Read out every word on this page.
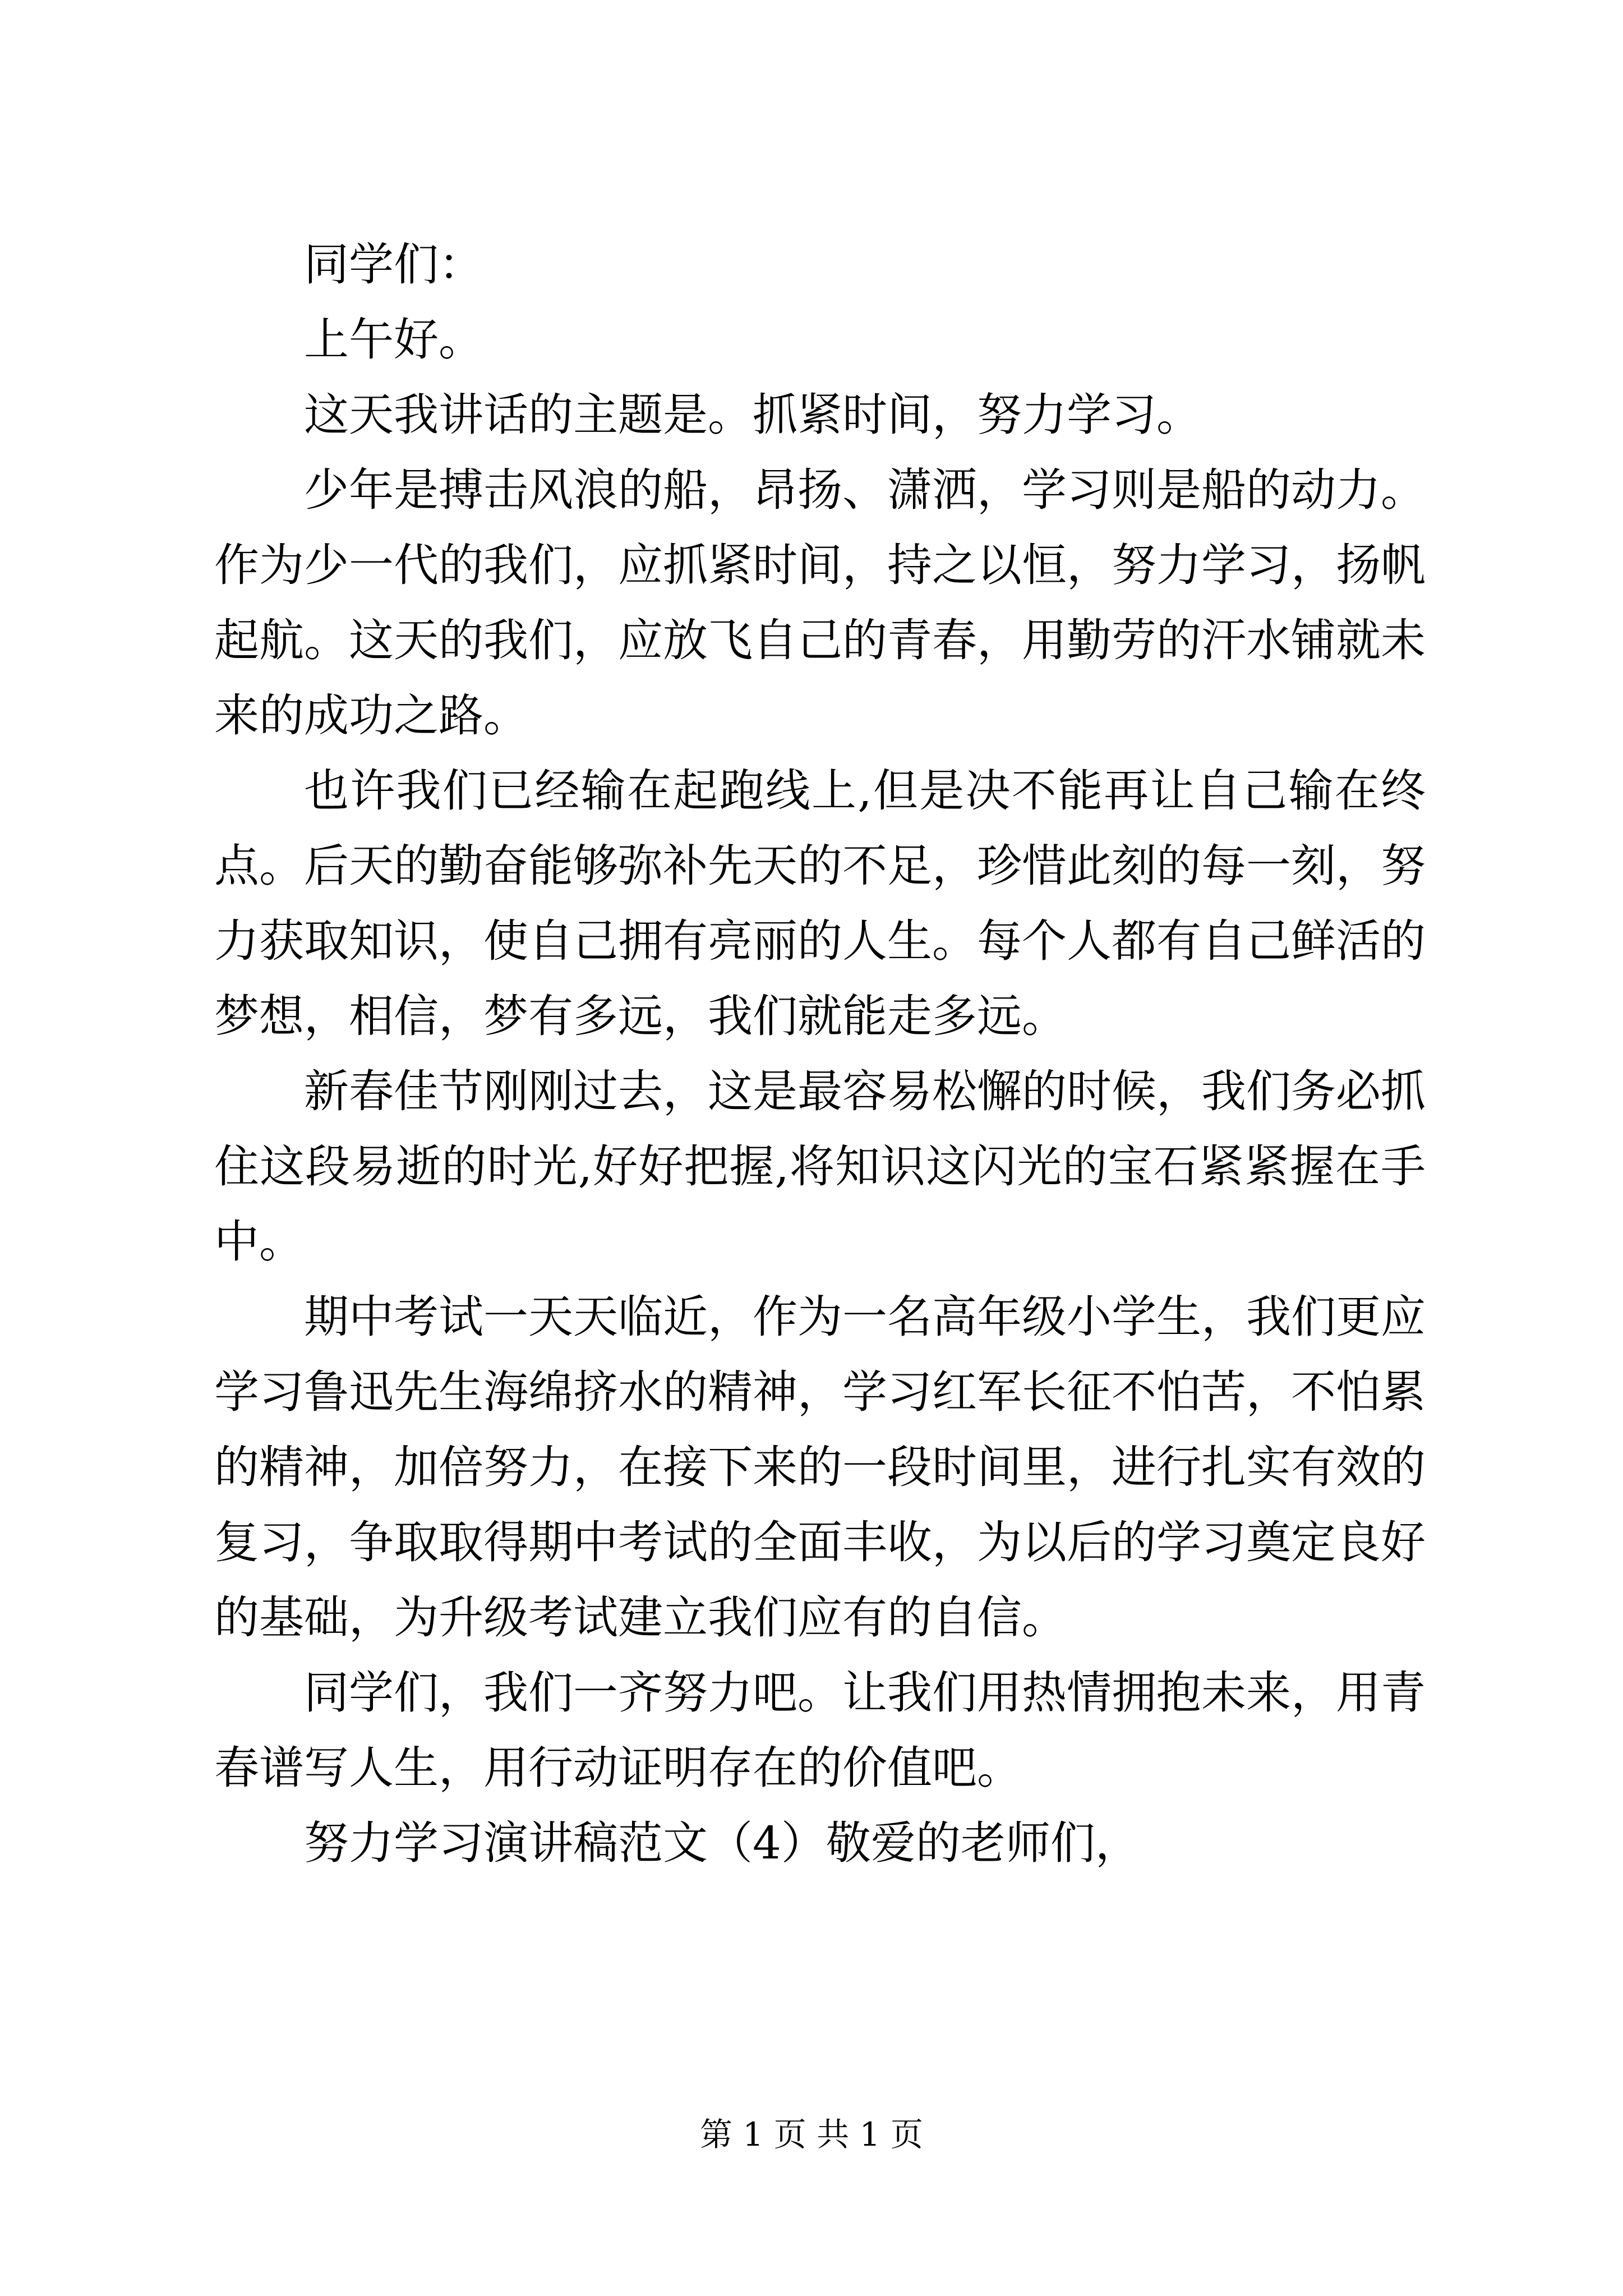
同学们：

上午好。

这天我讲话的主题是。抓紧时间，努力学习。

少年是搏击风浪的船，昂扬、潇洒，学习则是船的动力。作为少一代的我们，应抓紧时间，持之以恒，努力学习，扬帆起航。这天的我们，应放飞自己的青春，用勤劳的汗水铺就未来的成功之路。

也许我们已经输在起跑线上,但是决不能再让自己输在终点。后天的勤奋能够弥补先天的不足，珍惜此刻的每一刻，努力获取知识，使自己拥有亮丽的人生。每个人都有自己鲜活的梦想，相信，梦有多远，我们就能走多远。

新春佳节刚刚过去，这是最容易松懈的时候，我们务必抓住这段易逝的时光,好好把握,将知识这闪光的宝石紧紧握在手中。

期中考试一天天临近，作为一名高年级小学生，我们更应学习鲁迅先生海绵挤水的精神，学习红军长征不怕苦，不怕累的精神，加倍努力，在接下来的一段时间里，进行扎实有效的复习，争取取得期中考试的全面丰收，为以后的学习奠定良好的基础，为升级考试建立我们应有的自信。

同学们，我们一齐努力吧。让我们用热情拥抱未来，用青春谱写人生，用行动证明存在的价值吧。

努力学习演讲稿范文（4）敬爱的老师们，

第 1 页 共 1 页
